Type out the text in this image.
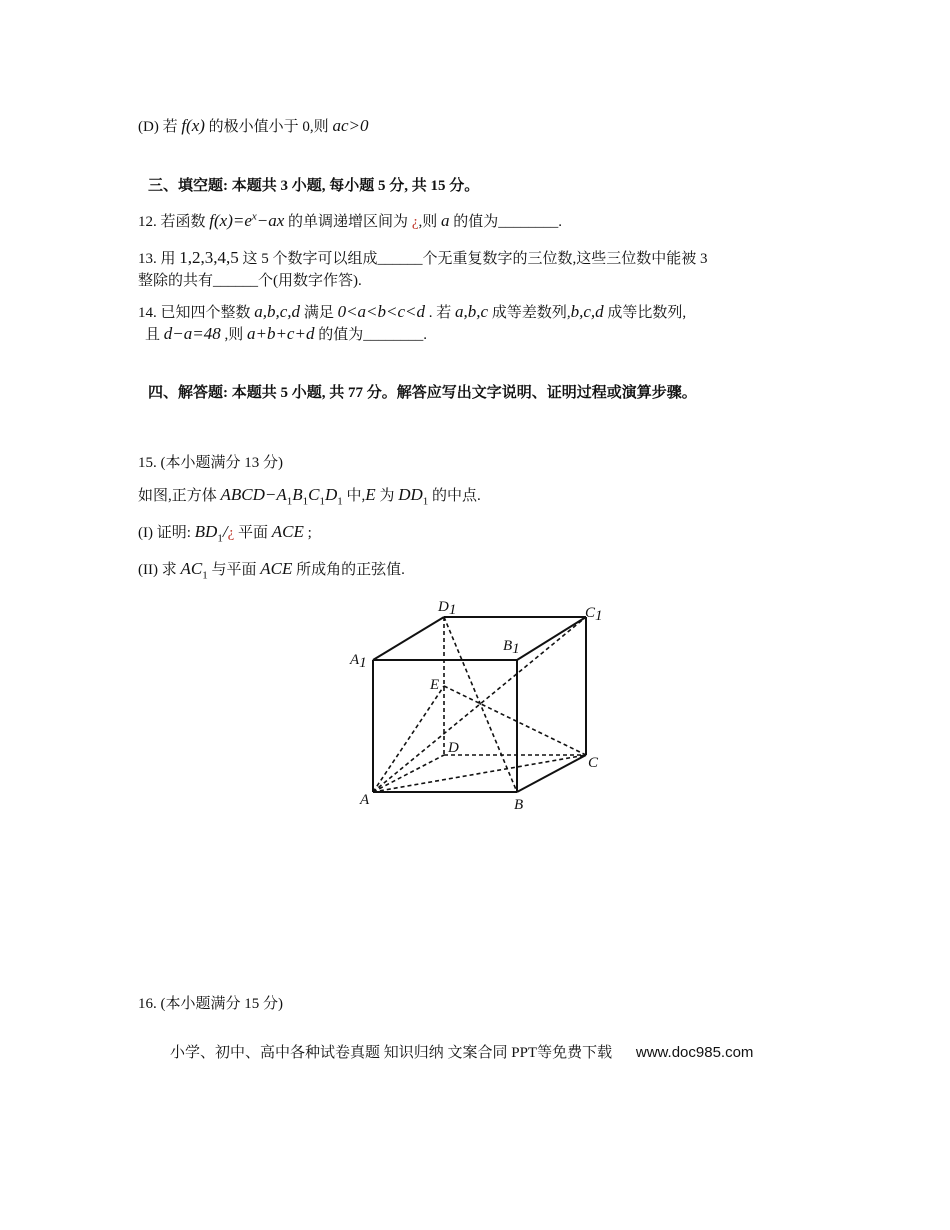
(D) 若 f(x) 的极小值小于 0,则 ac>0
三、填空题: 本题共 3 小题, 每小题 5 分, 共 15 分。
12. 若函数 $f(x)=e^x-ax$ 的单调递增区间为 ¿,则 a 的值为________.
13. 用 1,2,3,4,5 这 5 个数字可以组成______个无重复数字的三位数,这些三位数中能被 3
整除的共有______个(用数字作答).
14. 已知四个整数 a,b,c,d 满足 0<a<b<c<d . 若 a,b,c 成等差数列,b,c,d 成等比数列,
且 d−a=48 ,则 a+b+c+d 的值为________.
四、解答题: 本题共 5 小题, 共 77 分。解答应写出文字说明、证明过程或演算步骤。
15. (本小题满分 13 分)
如图,正方体 $ABCD-A_1B_1C_1D_1$ 中,E 为 $DD_1$ 的中点.
(I) 证明: $BD_1/¿$ 平面 ACE ;
(II) 求 $AC_1$ 与平面 ACE 所成角的正弦值.
D1	C1
B1
A1
E
D
C
A	B
16. (本小题满分 15 分)
小学、初中、高中各种试卷真题 知识归纳 文案合同 PPT等免费下载 www.doc985.com
